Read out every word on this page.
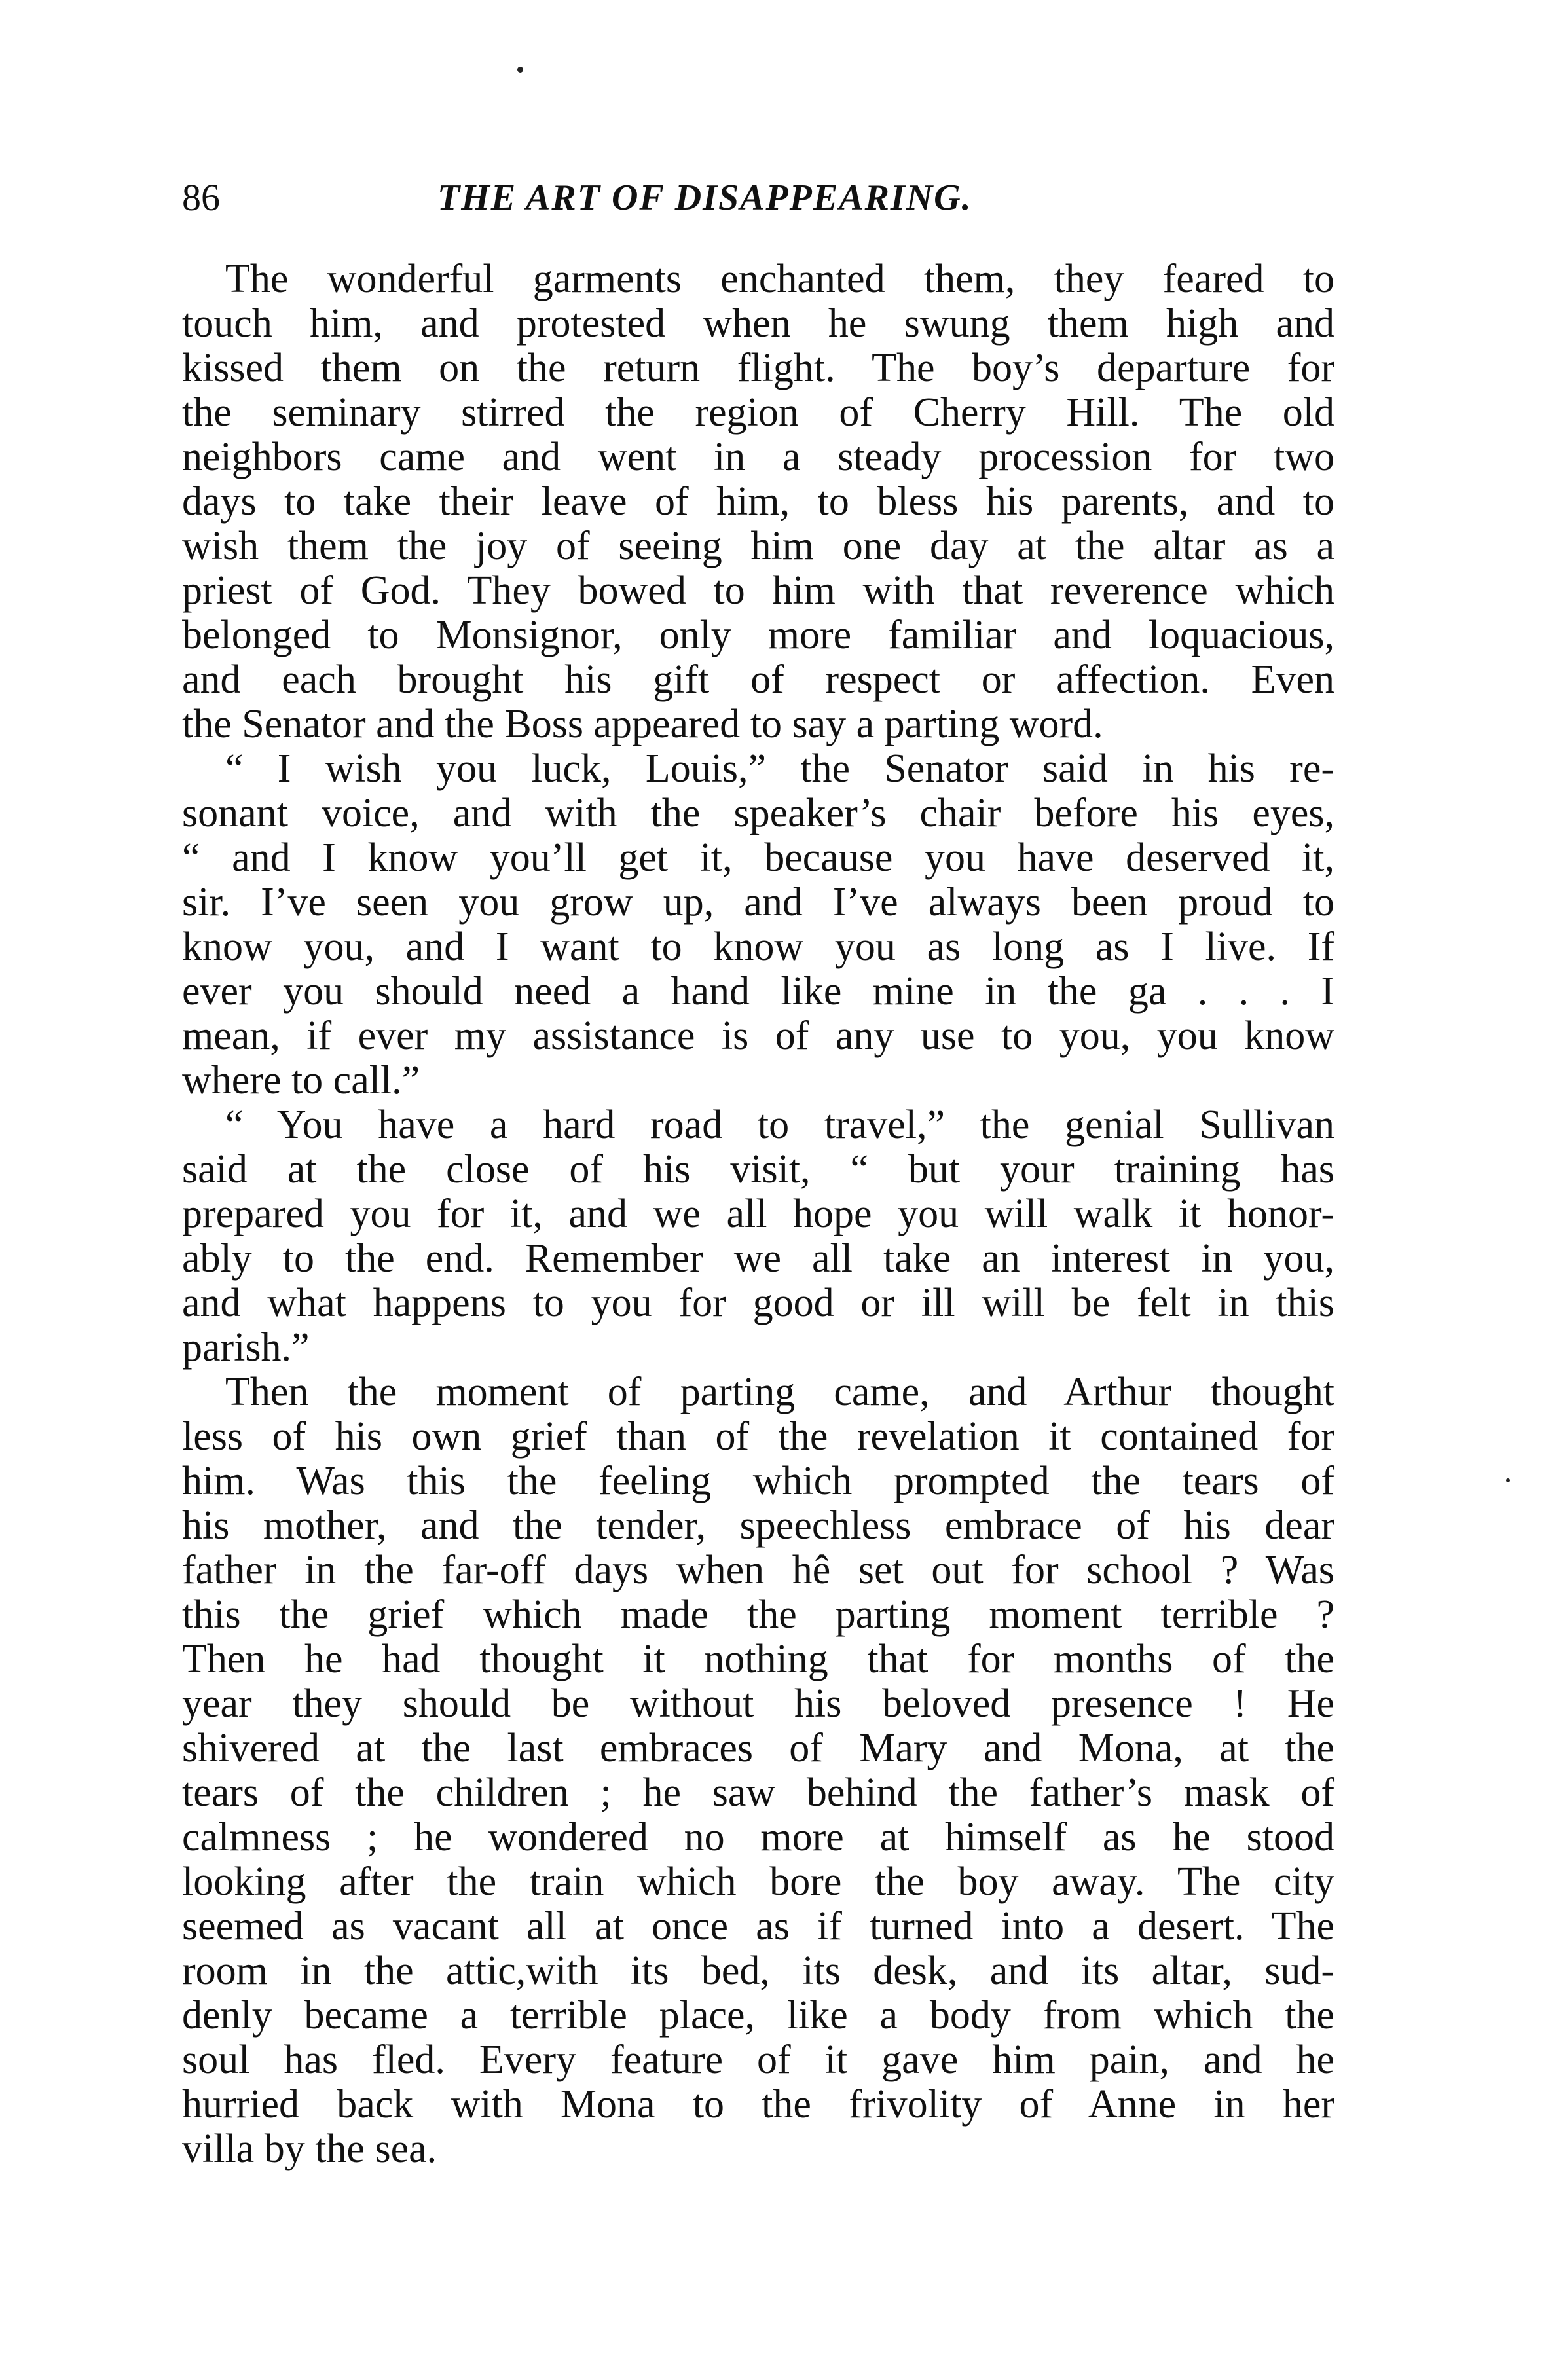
86	THE ART OF DISAPPEARING.
The wonderful garments enchanted them, they feared to
touch him, and protested when he swung them high and
kissed them on the return flight. The boy’s departure for
the seminary stirred the region of Cherry Hill. The old
neighbors came and went in a steady procession for two
days to take their leave of him, to bless his parents, and to
wish them the joy of seeing him one day at the altar as a
priest of God. They bowed to him with that reverence which
belonged to Monsignor, only more familiar and loquacious,
and each brought his gift of respect or affection. Even
the Senator and the Boss appeared to say a parting word.
“ I wish you luck, Louis,” the Senator said in his re-
sonant voice, and with the speaker’s chair before his eyes,
“ and I know you’ll get it, because you have deserved it,
sir. I’ve seen you grow up, and I’ve always been proud to
know you, and I want to know you as long as I live. If
ever you should need a hand like mine in the ga . . . I
mean, if ever my assistance is of any use to you, you know
where to call.”
“ You have a hard road to travel,” the genial Sullivan
said at the close of his visit, “ but your training has
prepared you for it, and we all hope you will walk it honor-
ably to the end. Remember we all take an interest in you,
and what happens to you for good or ill will be felt in this
parish.”
Then the moment of parting came, and Arthur thought
less of his own grief than of the revelation it contained for
him. Was this the feeling which prompted the tears of
his mother, and the tender, speechless embrace of his dear
father in the far-off days when hê set out for school ? Was
this the grief which made the parting moment terrible ?
Then he had thought it nothing that for months of the
year they should be without his beloved presence ! He
shivered at the last embraces of Mary and Mona, at the
tears of the children ; he saw behind the father’s mask of
calmness ; he wondered no more at himself as he stood
looking after the train which bore the boy away. The city
seemed as vacant all at once as if turned into a desert. The
room in the attic,with its bed, its desk, and its altar, sud-
denly became a terrible place, like a body from which the
soul has fled. Every feature of it gave him pain, and he
hurried back with Mona to the frivolity of Anne in her
villa by the sea.
